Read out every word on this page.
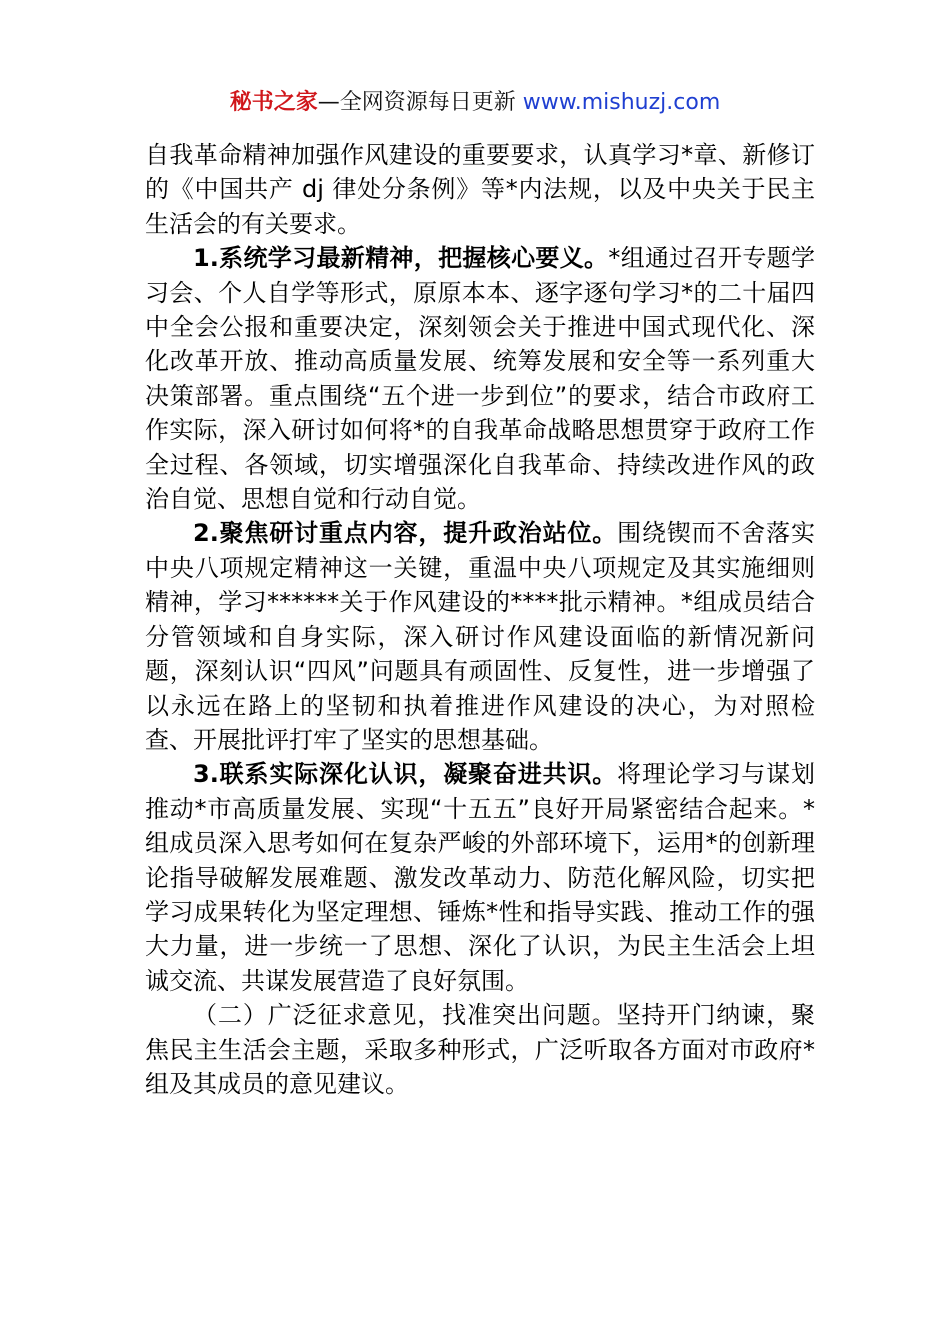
秘书之家—全网资源每日更新 www.mishuzj.com

自我革命精神加强作风建设的重要要求，认真学习*章、新修订的《中国共产 dj 律处分条例》等*内法规，以及中央关于民主生活会的有关要求。

1.系统学习最新精神，把握核心要义。*组通过召开专题学习会、个人自学等形式，原原本本、逐字逐句学习*的二十届四中全会公报和重要决定，深刻领会关于推进中国式现代化、深化改革开放、推动高质量发展、统筹发展和安全等一系列重大决策部署。重点围绕“五个进一步到位”的要求，结合市政府工作实际，深入研讨如何将*的自我革命战略思想贯穿于政府工作全过程、各领域，切实增强深化自我革命、持续改进作风的政治自觉、思想自觉和行动自觉。

2.聚焦研讨重点内容，提升政治站位。围绕锲而不舍落实中央八项规定精神这一关键，重温中央八项规定及其实施细则精神，学习******关于作风建设的****批示精神。*组成员结合分管领域和自身实际，深入研讨作风建设面临的新情况新问题，深刻认识“四风”问题具有顽固性、反复性，进一步增强了以永远在路上的坚韧和执着推进作风建设的决心，为对照检查、开展批评打牢了坚实的思想基础。

3.联系实际深化认识，凝聚奋进共识。将理论学习与谋划推动*市高质量发展、实现“十五五”良好开局紧密结合起来。*组成员深入思考如何在复杂严峻的外部环境下，运用*的创新理论指导破解发展难题、激发改革动力、防范化解风险，切实把学习成果转化为坚定理想、锤炼*性和指导实践、推动工作的强大力量，进一步统一了思想、深化了认识，为民主生活会上坦诚交流、共谋发展营造了良好氛围。

（二）广泛征求意见，找准突出问题。坚持开门纳谏，聚焦民主生活会主题，采取多种形式，广泛听取各方面对市政府*组及其成员的意见建议。
